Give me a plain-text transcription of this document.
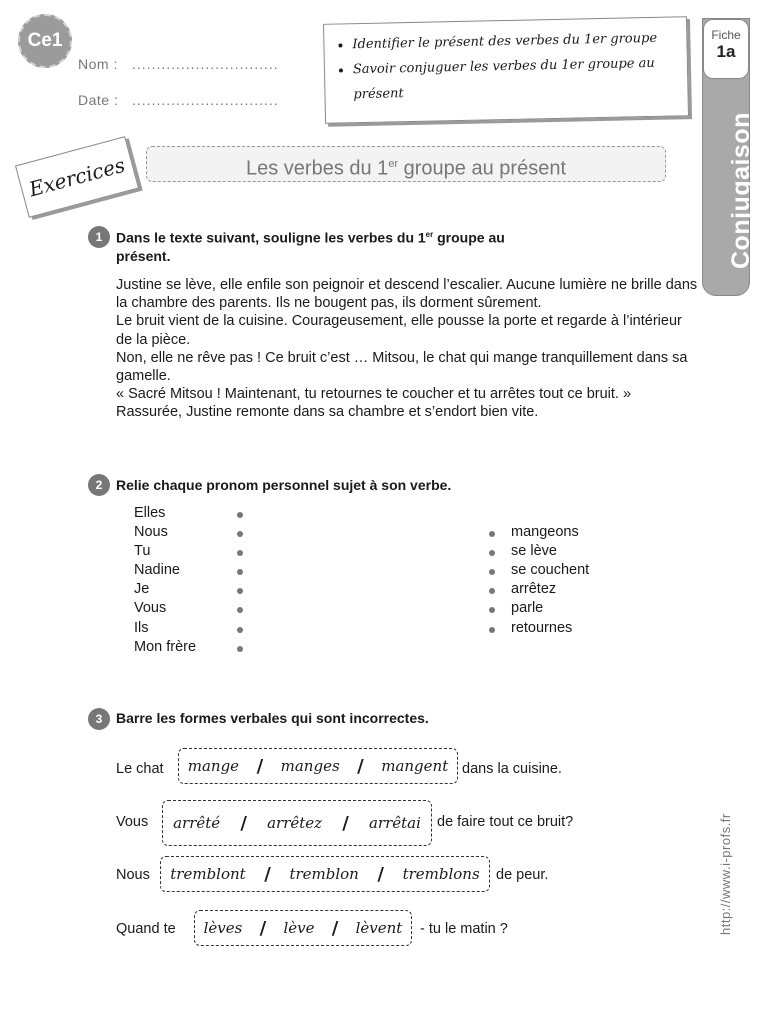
Ce1
Nom : ..............................
Date : ..............................
• Identifier le présent des verbes du 1er groupe
• Savoir conjuguer les verbes du 1er groupe au présent
Fiche
1a
Conjugaison
Exercices	Les verbes du 1er groupe au présent
1 Dans le texte suivant, souligne les verbes du 1er groupe au présent.

Justine se lève, elle enfile son peignoir et descend l’escalier. Aucune lumière ne brille dans la chambre des parents. Ils ne bougent pas, ils dorment sûrement.

Le bruit vient de la cuisine. Courageusement, elle pousse la porte et regarde à l’intérieur de la pièce.

Non, elle ne rêve pas ! Ce bruit c’est … Mitsou, le chat qui mange tranquillement dans sa gamelle.

« Sacré Mitsou ! Maintenant, tu retournes te coucher et tu arrêtes tout ce bruit. »

Rassurée, Justine remonte dans sa chambre et s’endort bien vite.

2 Relie chaque pronom personnel sujet à son verbe.
Elles
Nous
Tu
Nadine
Je
Vous
Ils
Mon frère
mangeons
se lève
se couchent
arrêtez
parle
retournes
3 Barre les formes verbales qui sont incorrectes.
Le chat mange / manges / mangent dans la cuisine.
Vous arrêté / arrêtez / arrêtai de faire tout ce bruit?
Nous tremblont / tremblon / tremblons de peur.
Quand te lèves / lève / lèvent - tu le matin ?	http://www.i-profs.fr
